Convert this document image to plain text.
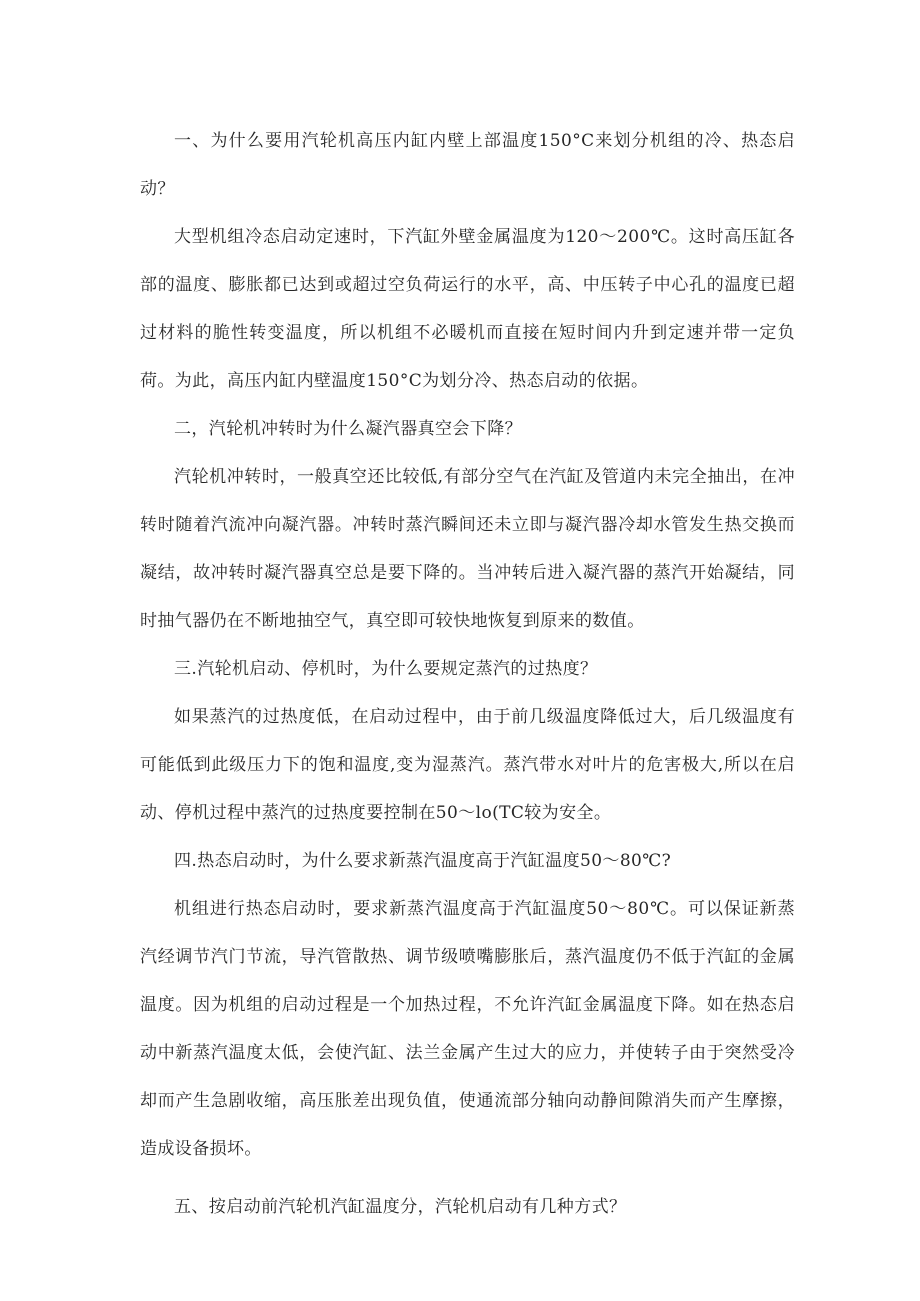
一、为什么要用汽轮机高压内缸内壁上部温度150°C来划分机组的冷、热态启动？

大型机组冷态启动定速时，下汽缸外壁金属温度为120～200℃。这时高压缸各部的温度、膨胀都已达到或超过空负荷运行的水平，高、中压转子中心孔的温度已超过材料的脆性转变温度，所以机组不必暖机而直接在短时间内升到定速并带一定负荷。为此，高压内缸内壁温度150°C为划分冷、热态启动的依据。

二，汽轮机冲转时为什么凝汽器真空会下降？

汽轮机冲转时，一般真空还比较低,有部分空气在汽缸及管道内未完全抽出，在冲转时随着汽流冲向凝汽器。冲转时蒸汽瞬间还未立即与凝汽器冷却水管发生热交换而凝结，故冲转时凝汽器真空总是要下降的。当冲转后进入凝汽器的蒸汽开始凝结，同时抽气器仍在不断地抽空气，真空即可较快地恢复到原来的数值。

三.汽轮机启动、停机时，为什么要规定蒸汽的过热度？

如果蒸汽的过热度低，在启动过程中，由于前几级温度降低过大，后几级温度有可能低到此级压力下的饱和温度,变为湿蒸汽。蒸汽带水对叶片的危害极大,所以在启动、停机过程中蒸汽的过热度要控制在50～lo(TC较为安全。

四.热态启动时，为什么要求新蒸汽温度高于汽缸温度50～80℃?

机组进行热态启动时，要求新蒸汽温度高于汽缸温度50～80℃。可以保证新蒸汽经调节汽门节流，导汽管散热、调节级喷嘴膨胀后，蒸汽温度仍不低于汽缸的金属温度。因为机组的启动过程是一个加热过程，不允许汽缸金属温度下降。如在热态启动中新蒸汽温度太低，会使汽缸、法兰金属产生过大的应力，并使转子由于突然受冷却而产生急剧收缩，高压胀差出现负值，使通流部分轴向动静间隙消失而产生摩擦，造成设备损坏。

五、按启动前汽轮机汽缸温度分，汽轮机启动有几种方式？
